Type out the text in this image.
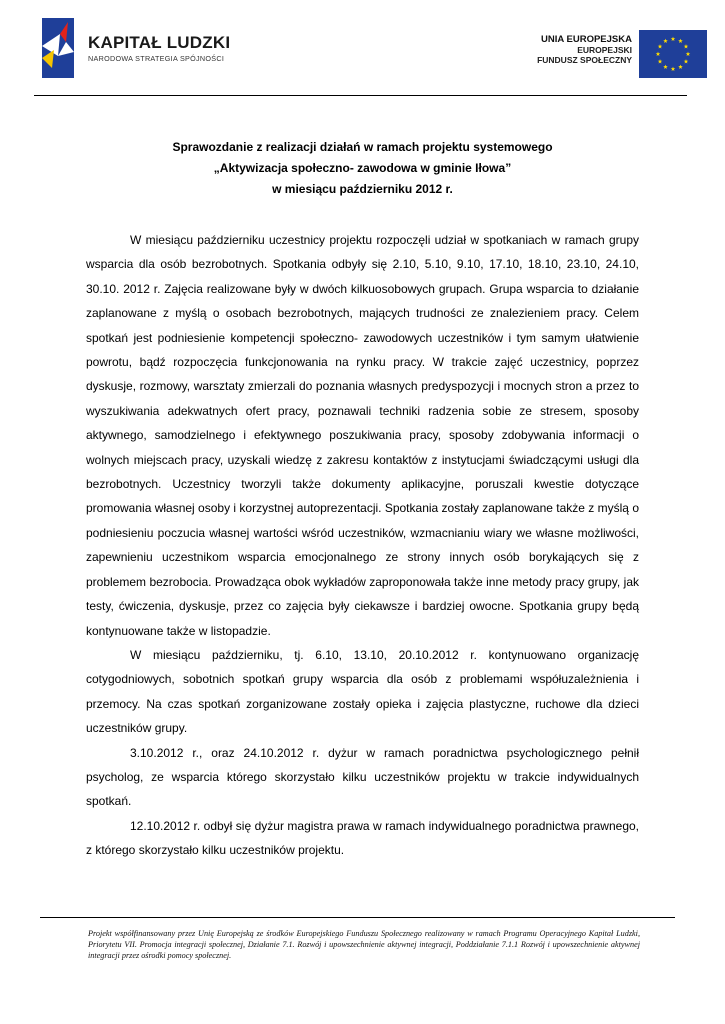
KAPITAŁ LUDZKI
NARODOWA STRATEGIA SPÓJNOŚCI
UNIA EUROPEJSKA
EUROPEJSKI
FUNDUSZ SPOŁECZNY
Sprawozdanie z realizacji działań w ramach projektu systemowego
„Aktywizacja społeczno- zawodowa w gminie Iłowa”
w miesiącu październiku 2012 r.

W miesiącu październiku uczestnicy projektu rozpoczęli udział w spotkaniach w ramach grupy wsparcia dla osób bezrobotnych. Spotkania odbyły się 2.10, 5.10, 9.10, 17.10, 18.10, 23.10, 24.10, 30.10. 2012 r. Zajęcia realizowane były w dwóch kilkuosobowych grupach. Grupa wsparcia to działanie zaplanowane z myślą o osobach bezrobotnych, mających trudności ze znalezieniem pracy. Celem spotkań jest podniesienie kompetencji społeczno- zawodowych uczestników i tym samym ułatwienie powrotu, bądź rozpoczęcia funkcjonowania na rynku pracy. W trakcie zajęć uczestnicy, poprzez dyskusje, rozmowy, warsztaty zmierzali do poznania własnych predyspozycji i mocnych stron a przez to wyszukiwania adekwatnych ofert pracy, poznawali techniki radzenia sobie ze stresem, sposoby aktywnego, samodzielnego i efektywnego poszukiwania pracy, sposoby zdobywania informacji o wolnych miejscach pracy, uzyskali wiedzę z zakresu kontaktów z instytucjami świadczącymi usługi dla bezrobotnych. Uczestnicy tworzyli także dokumenty aplikacyjne, poruszali kwestie dotyczące promowania własnej osoby i korzystnej autoprezentacji. Spotkania zostały zaplanowane także z myślą o podniesieniu poczucia własnej wartości wśród uczestników, wzmacnianiu wiary we własne możliwości, zapewnieniu uczestnikom wsparcia emocjonalnego ze strony innych osób borykających się z problemem bezrobocia. Prowadząca obok wykładów zaproponowała także inne metody pracy grupy, jak testy, ćwiczenia, dyskusje, przez co zajęcia były ciekawsze i bardziej owocne. Spotkania grupy będą kontynuowane także w listopadzie.

W miesiącu październiku, tj. 6.10, 13.10, 20.10.2012 r. kontynuowano organizację cotygodniowych, sobotnich spotkań grupy wsparcia dla osób z problemami współuzależnienia i przemocy. Na czas spotkań zorganizowane zostały opieka i zajęcia plastyczne, ruchowe dla dzieci uczestników grupy.

3.10.2012 r., oraz 24.10.2012 r. dyżur w ramach poradnictwa psychologicznego pełnił psycholog, ze wsparcia którego skorzystało kilku uczestników projektu w trakcie indywidualnych spotkań.

12.10.2012 r. odbył się dyżur magistra prawa w ramach indywidualnego poradnictwa prawnego, z którego skorzystało kilku uczestników projektu.

Projekt współfinansowany przez Unię Europejską ze środków Europejskiego Funduszu Społecznego realizowany w ramach Programu Operacyjnego Kapitał Ludzki, Priorytetu VII. Promocja integracji społecznej, Działanie 7.1. Rozwój i upowszechnienie aktywnej integracji, Poddziałanie 7.1.1 Rozwój i upowszechnienie aktywnej integracji przez ośrodki pomocy społecznej.
